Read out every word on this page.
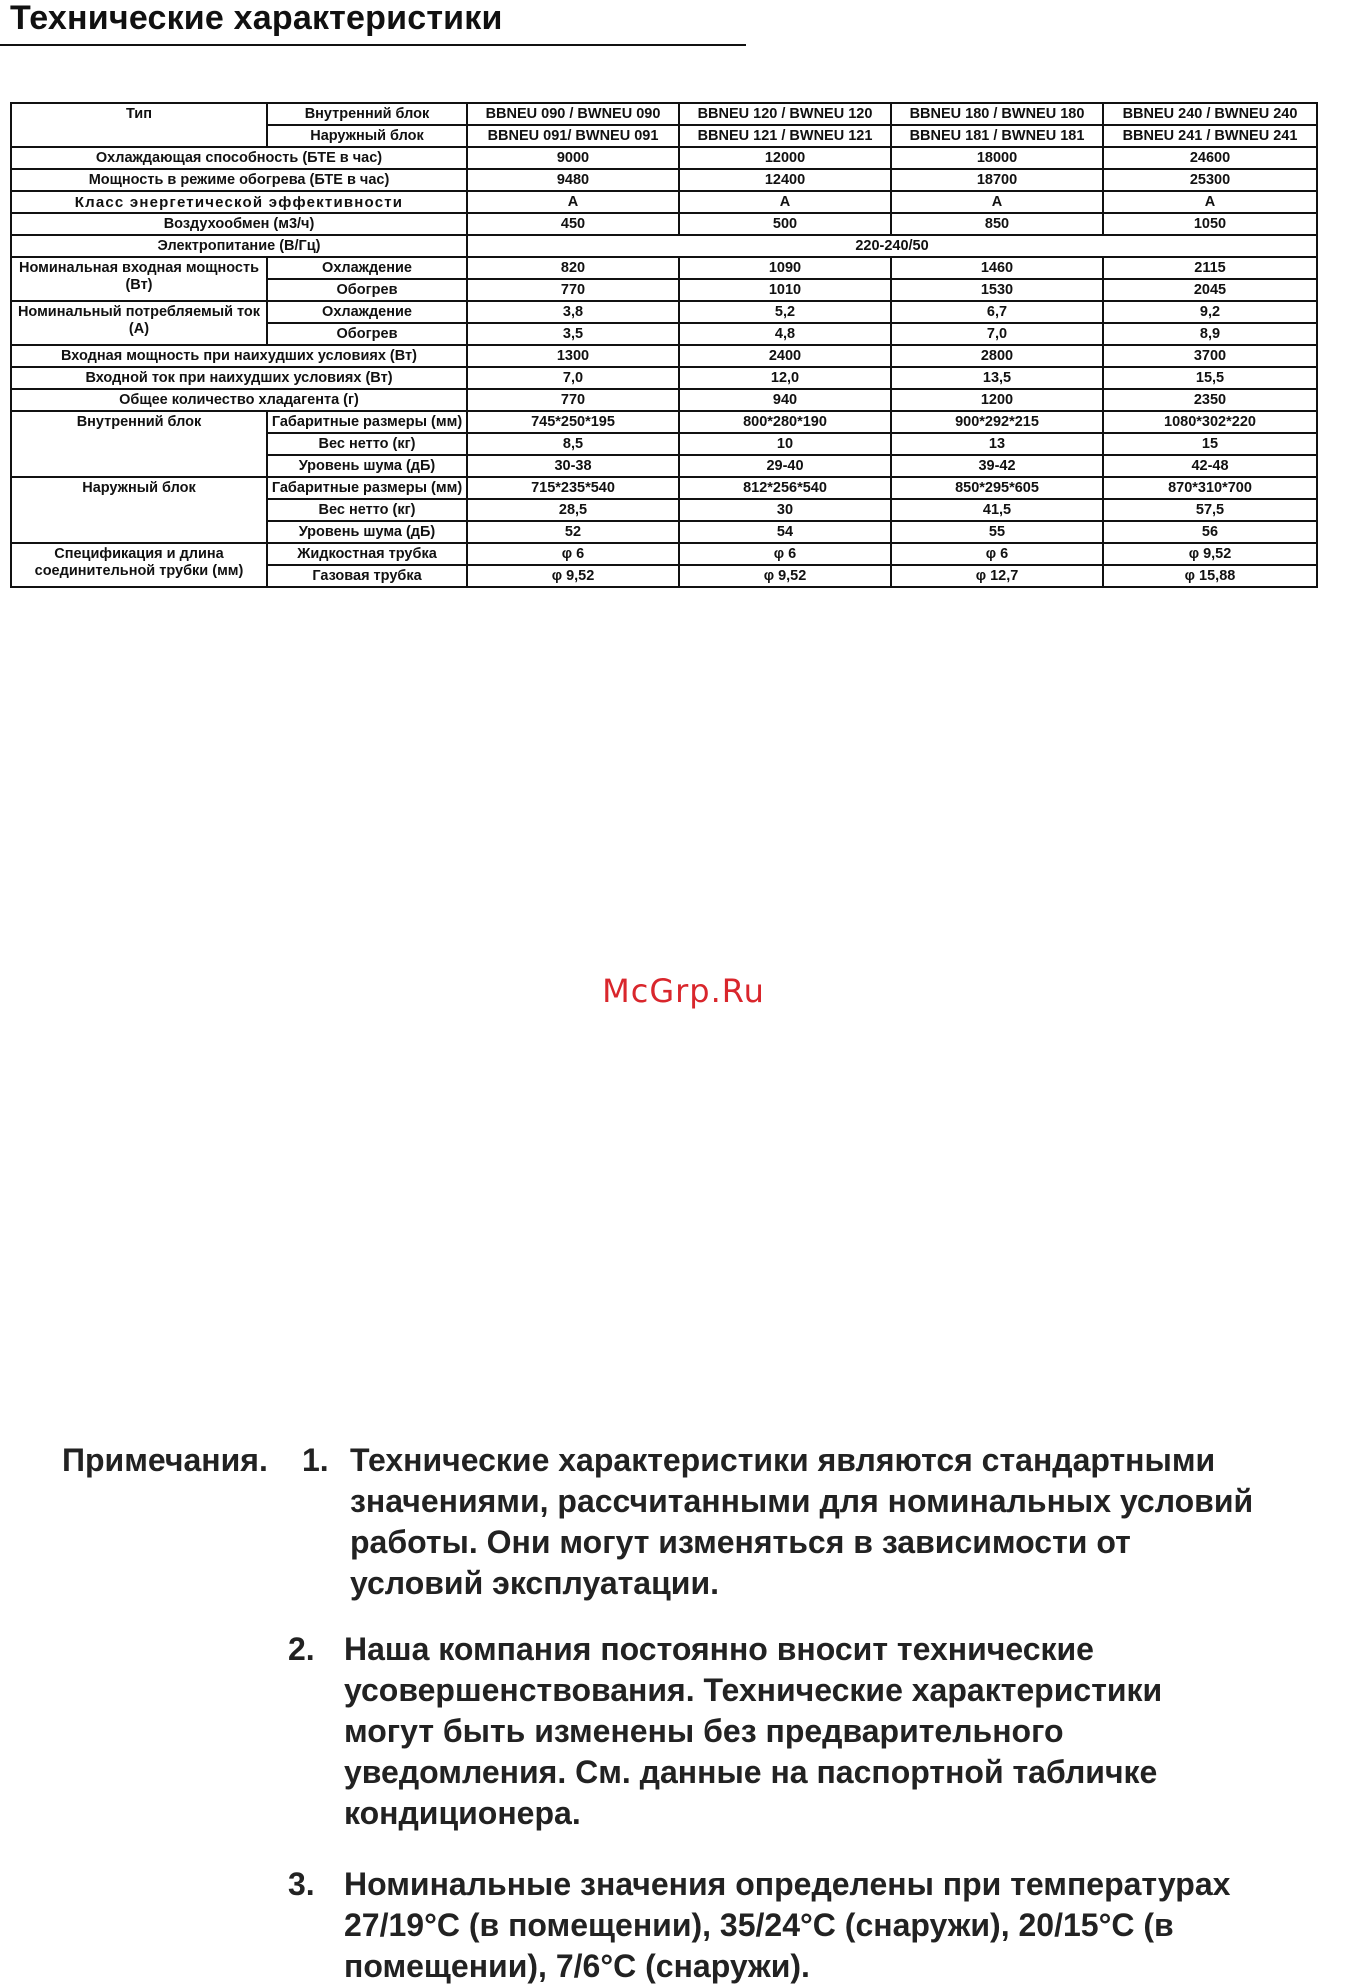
Технические характеристики
Тип	Внутренний блок	BBNEU 090 / BWNEU 090	BBNEU 120 / BWNEU 120	BBNEU 180 / BWNEU 180	BBNEU 240 / BWNEU 240
	Наружный блок	BBNEU 091/ BWNEU 091	BBNEU 121 / BWNEU 121	BBNEU 181 / BWNEU 181	BBNEU 241 / BWNEU 241
Охлаждающая способность (БТЕ в час)		9000	12000	18000	24600
Мощность в режиме обогрева (БТЕ в час)		9480	12400	18700	25300
Класс энергетической эффективности		A	A	A	A
Воздухообмен (м3/ч)		450	500	850	1050
Электропитание (В/Гц)		220-240/50			
Номинальная входная мощность (Вт)	Охлаждение	820	1090	1460	2115
	Обогрев	770	1010	1530	2045
Номинальный потребляемый ток (А)	Охлаждение	3,8	5,2	6,7	9,2
	Обогрев	3,5	4,8	7,0	8,9
Входная мощность при наихудших условиях (Вт)		1300	2400	2800	3700
Входной ток при наихудших условиях (Вт)		7,0	12,0	13,5	15,5
Общее количество хладагента (г)		770	940	1200	2350
Внутренний блок	Габаритные размеры (мм)	745*250*195	800*280*190	900*292*215	1080*302*220
	Вес нетто (кг)	8,5	10	13	15
	Уровень шума (дБ)	30-38	29-40	39-42	42-48
Наружный блок	Габаритные размеры (мм)	715*235*540	812*256*540	850*295*605	870*310*700
	Вес нетто (кг)	28,5	30	41,5	57,5
	Уровень шума (дБ)	52	54	55	56
Спецификация и длина соединительной трубки (мм)	Жидкостная трубка	φ 6	φ 6	φ 6	φ 9,52
	Газовая трубка	φ 9,52	φ 9,52	φ 12,7	φ 15,88
McGrp.Ru
Примечания. 1. Технические характеристики являются стандартными
значениями, рассчитанными для номинальных условий
работы. Они могут изменяться в зависимости от
условий эксплуатации.
2. Наша компания постоянно вносит технические
усовершенствования. Технические характеристики
могут быть изменены без предварительного
уведомления. См. данные на паспортной табличке
кондиционера.
3. Номинальные значения определены при температурах
27/19°C (в помещении), 35/24°C (снаружи), 20/15°C (в
помещении), 7/6°C (снаружи).
